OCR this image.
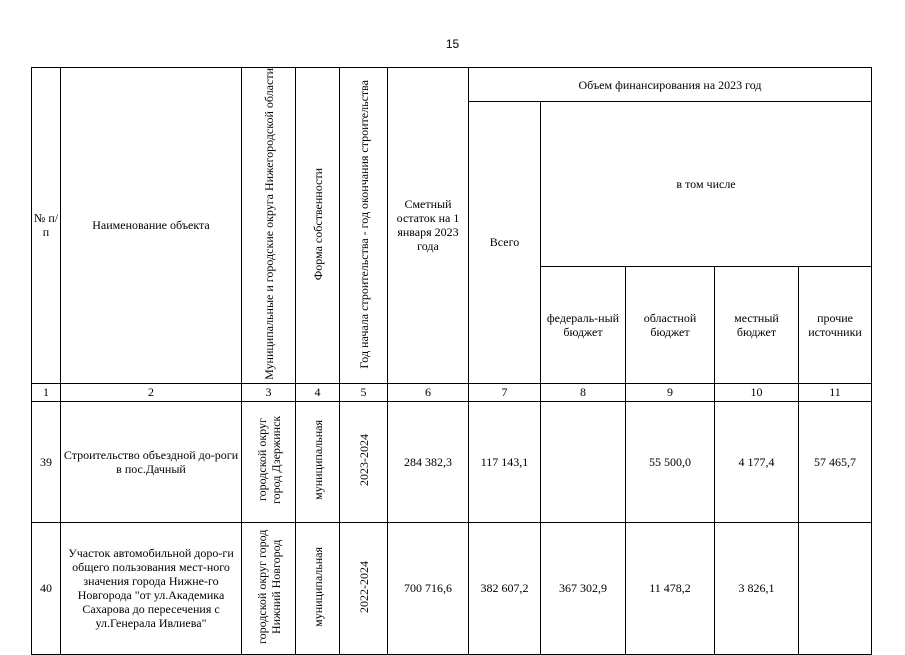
15
№ п/п	Наименование объекта	Муниципальные и городские округа Нижегородской области	Форма собственности	Год начала строительства - год окончания строительства	Сметный остаток на 1 января 2023 года	Объем финансирования на 2023 год				
						Всего	в том числе			
							федераль-ный бюджет	областной бюджет	местный бюджет	прочие источники
1	2	3	4	5	6	7	8	9	10	11
39	Строительство объездной до-роги в пос.Дачный	городской округ город Дзержинск	муниципальная	2023-2024	284 382,3	117 143,1		55 500,0	4 177,4	57 465,7
40	Участок автомобильной доро-ги общего пользования мест-ного значения города Нижне-го Новгорода "от ул.Академика Сахарова до пересечения с ул.Генерала Ивлиева"	городской округ город Нижний Новгород	муниципальная	2022-2024	700 716,6	382 607,2	367 302,9	11 478,2	3 826,1	
